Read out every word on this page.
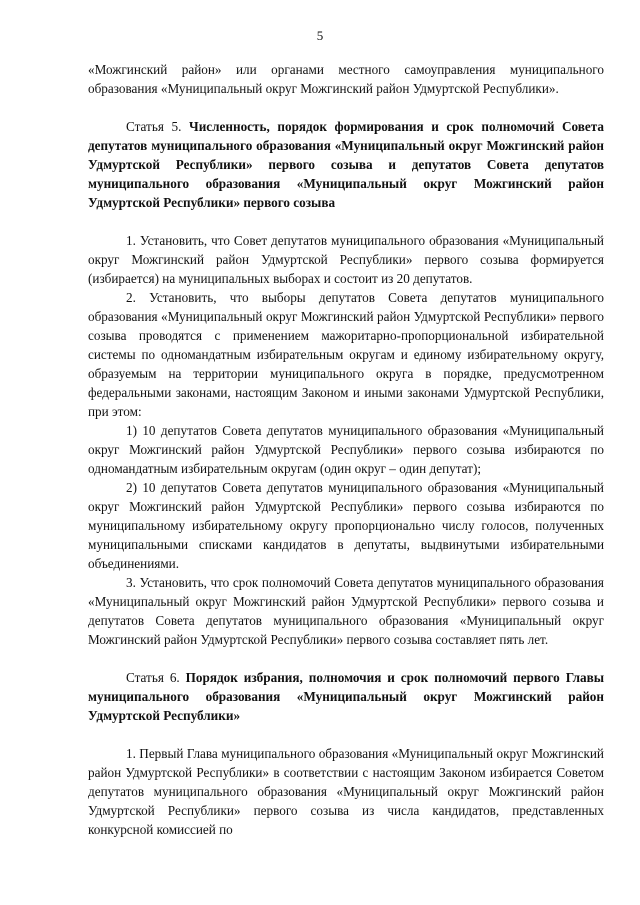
5

«Можгинский район» или органами местного самоуправления муниципального образования «Муниципальный округ Можгинский район Удмуртской Республики».

Статья 5. Численность, порядок формирования и срок полномочий Совета депутатов муниципального образования «Муниципальный округ Можгинский район Удмуртской Республики» первого созыва и депутатов Совета депутатов муниципального образования «Муниципальный округ Можгинский район Удмуртской Республики» первого созыва

1. Установить, что Совет депутатов муниципального образования «Муниципальный округ Можгинский район Удмуртской Республики» первого созыва формируется (избирается) на муниципальных выборах и состоит из 20 депутатов.

2. Установить, что выборы депутатов Совета депутатов муниципального образования «Муниципальный округ Можгинский район Удмуртской Республики» первого созыва проводятся с применением мажоритарно-пропорциональной избирательной системы по одномандатным избирательным округам и единому избирательному округу, образуемым на территории муниципального округа в порядке, предусмотренном федеральными законами, настоящим Законом и иными законами Удмуртской Республики, при этом:

1) 10 депутатов Совета депутатов муниципального образования «Муниципальный округ Можгинский район Удмуртской Республики» первого созыва избираются по одномандатным избирательным округам (один округ – один депутат);

2) 10 депутатов Совета депутатов муниципального образования «Муниципальный округ Можгинский район Удмуртской Республики» первого созыва избираются по муниципальному избирательному округу пропорционально числу голосов, полученных муниципальными списками кандидатов в депутаты, выдвинутыми избирательными объединениями.

3. Установить, что срок полномочий Совета депутатов муниципального образования «Муниципальный округ Можгинский район Удмуртской Республики» первого созыва и депутатов Совета депутатов муниципального образования «Муниципальный округ Можгинский район Удмуртской Республики» первого созыва составляет пять лет.

Статья 6. Порядок избрания, полномочия и срок полномочий первого Главы муниципального образования «Муниципальный округ Можгинский район Удмуртской Республики»

1. Первый Глава муниципального образования «Муниципальный округ Можгинский район Удмуртской Республики» в соответствии с настоящим Законом избирается Советом депутатов муниципального образования «Муниципальный округ Можгинский район Удмуртской Республики» первого созыва из числа кандидатов, представленных конкурсной комиссией по
